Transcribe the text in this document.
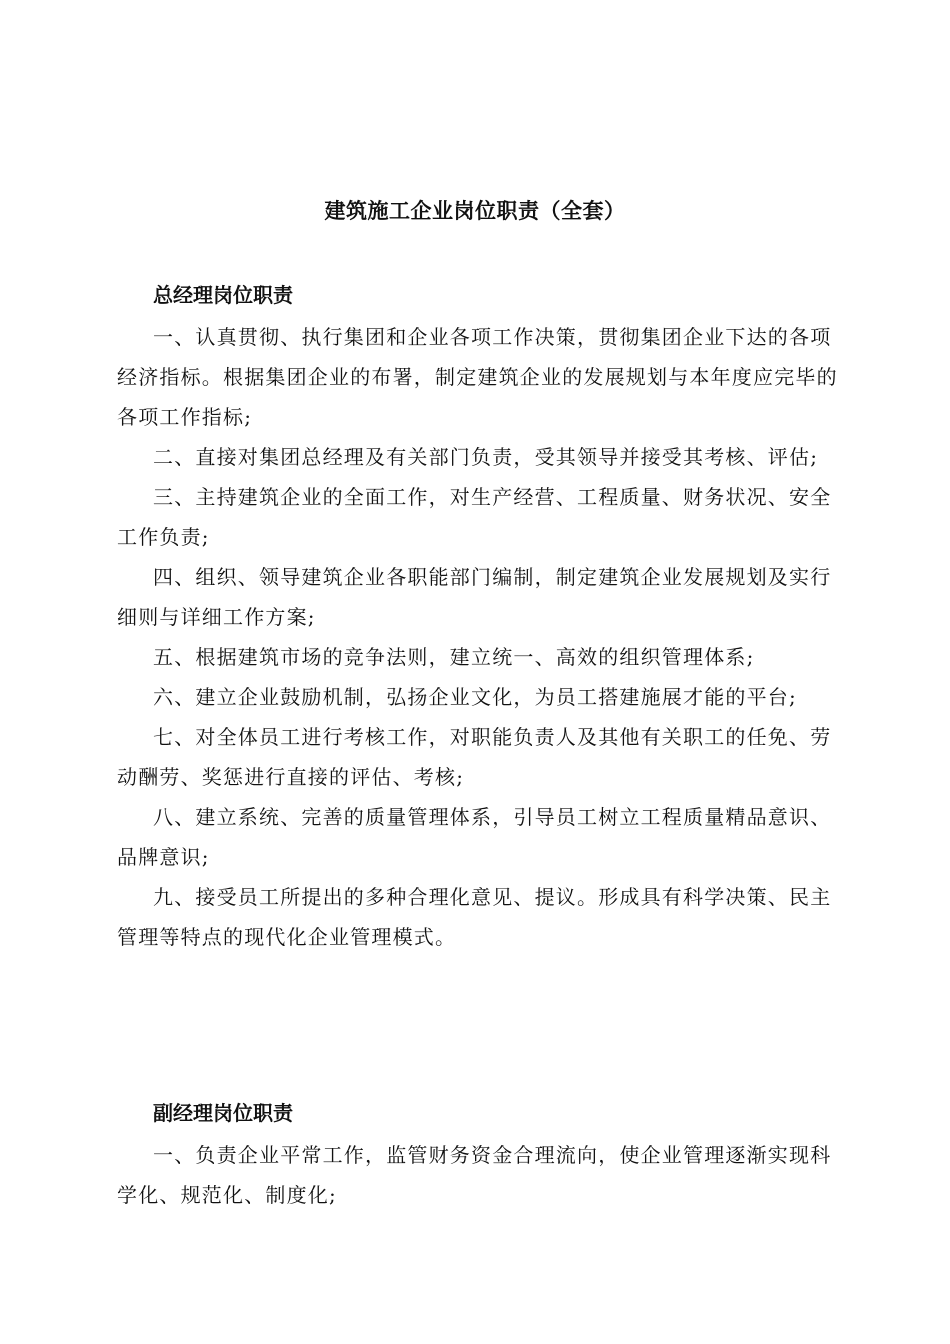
建筑施工企业岗位职责（全套）
总经理岗位职责

一、认真贯彻、执行集团和企业各项工作决策，贯彻集团企业下达的各项经济指标。根据集团企业的布署，制定建筑企业的发展规划与本年度应完毕的各项工作指标;

二、直接对集团总经理及有关部门负责，受其领导并接受其考核、评估;

三、主持建筑企业的全面工作，对生产经营、工程质量、财务状况、安全工作负责;

四、组织、领导建筑企业各职能部门编制，制定建筑企业发展规划及实行细则与详细工作方案;

五、根据建筑市场的竞争法则，建立统一、高效的组织管理体系;

六、建立企业鼓励机制，弘扬企业文化，为员工搭建施展才能的平台;

七、对全体员工进行考核工作，对职能负责人及其他有关职工的任免、劳动酬劳、奖惩进行直接的评估、考核;

八、建立系统、完善的质量管理体系，引导员工树立工程质量精品意识、品牌意识;

九、接受员工所提出的多种合理化意见、提议。形成具有科学决策、民主管理等特点的现代化企业管理模式。

副经理岗位职责

一、负责企业平常工作，监管财务资金合理流向，使企业管理逐渐实现科学化、规范化、制度化;
